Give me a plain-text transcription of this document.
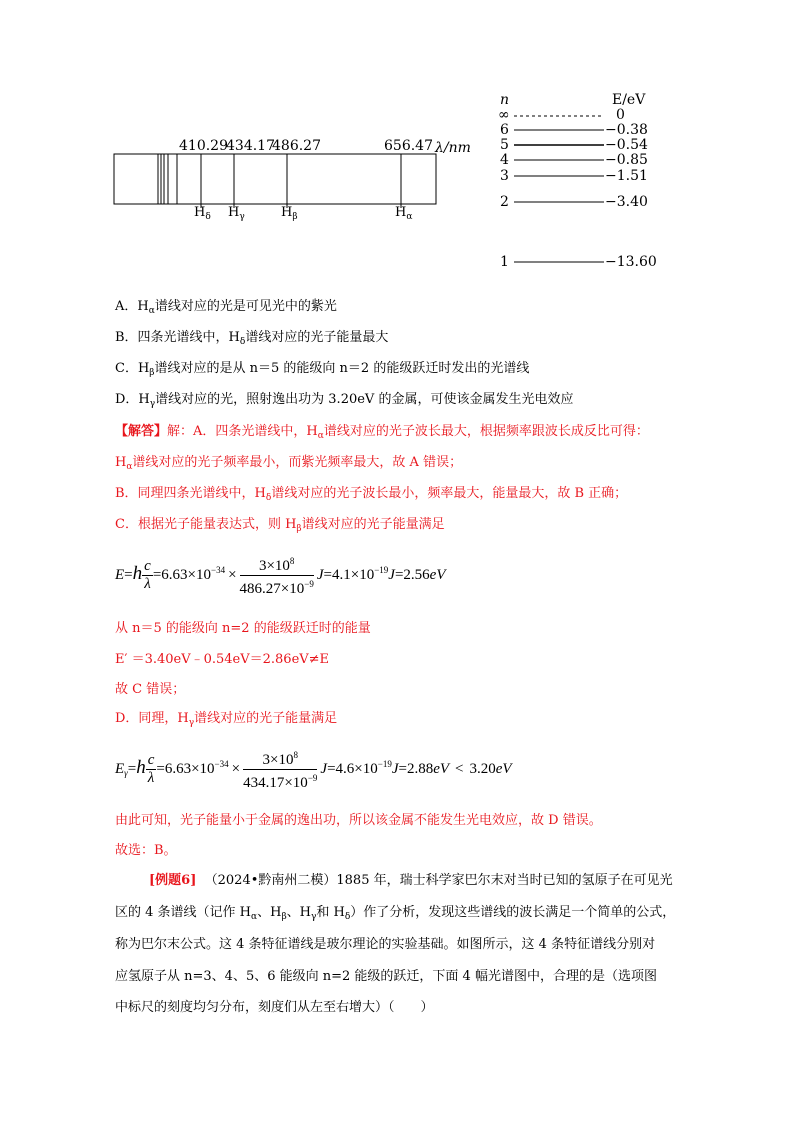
410.29
434.17
486.27	656.47 λ/nm
$H_\delta$ $H_\gamma$	$H_\beta$	$H_\alpha$
n	E/eV
∞	0
6	−0.38
5	−0.54
4	−0.85
3	−1.51
2	−3.40
1	−13.60
A．$H_\alpha$谱线对应的光是可见光中的紫光
B．四条光谱线中，$H_\delta$谱线对应的光子能量最大
C．$H_\beta$谱线对应的是从 n＝5 的能级向 n＝2 的能级跃迁时发出的光谱线
D．$H_\gamma$谱线对应的光，照射逸出功为 3.20eV 的金属，可使该金属发生光电效应
【解答】解：A．四条光谱线中，$H_\alpha$谱线对应的光子波长最大，根据频率跟波长成反比可得：
$H_\alpha$谱线对应的光子频率最小，而紫光频率最大，故 A 错误；
B．同理四条光谱线中，$H_\delta$谱线对应的光子波长最小，频率最大，能量最大，故 B 正确；
C．根据光子能量表达式，则 $H_\beta$谱线对应的光子能量满足
$E=h \frac{c}{\lambda} =6.63\times 10^{-34} \times \frac{3\times 10^8}{486.27\times 10^{-9}} J=4.1\times 10^{-19}J=2.56eV$
从 n＝5 的能级向 n=2 的能级跃迁时的能量
E′ ＝3.40eV﹣0.54eV＝2.86eV≠E
故 C 错误；
D．同理，$H_\gamma$谱线对应的光子能量满足
$E_\gamma=h \frac{c}{\lambda} =6.63\times 10^{-34} \times \frac{3\times 10^8}{434.17\times 10^{-9}} J=4.6\times 10^{-19}J=2.88eV < 3.20eV$
由此可知，光子能量小于金属的逸出功，所以该金属不能发生光电效应，故 D 错误。
故选：B。
[例题6] （2024•黔南州二模）1885 年，瑞士科学家巴尔末对当时已知的氢原子在可见光
区的 4 条谱线（记作 $H_\alpha$、$H_\beta$、$H_\gamma$和 $H_\delta$）作了分析，发现这些谱线的波长满足一个简单的公式，
称为巴尔末公式。这 4 条特征谱线是玻尔理论的实验基础。如图所示，这 4 条特征谱线分别对
应氢原子从 n=3、4、5、6 能级向 n=2 能级的跃迁，下面 4 幅光谱图中，合理的是（选项图
中标尺的刻度均匀分布，刻度们从左至右增大）（　　）
